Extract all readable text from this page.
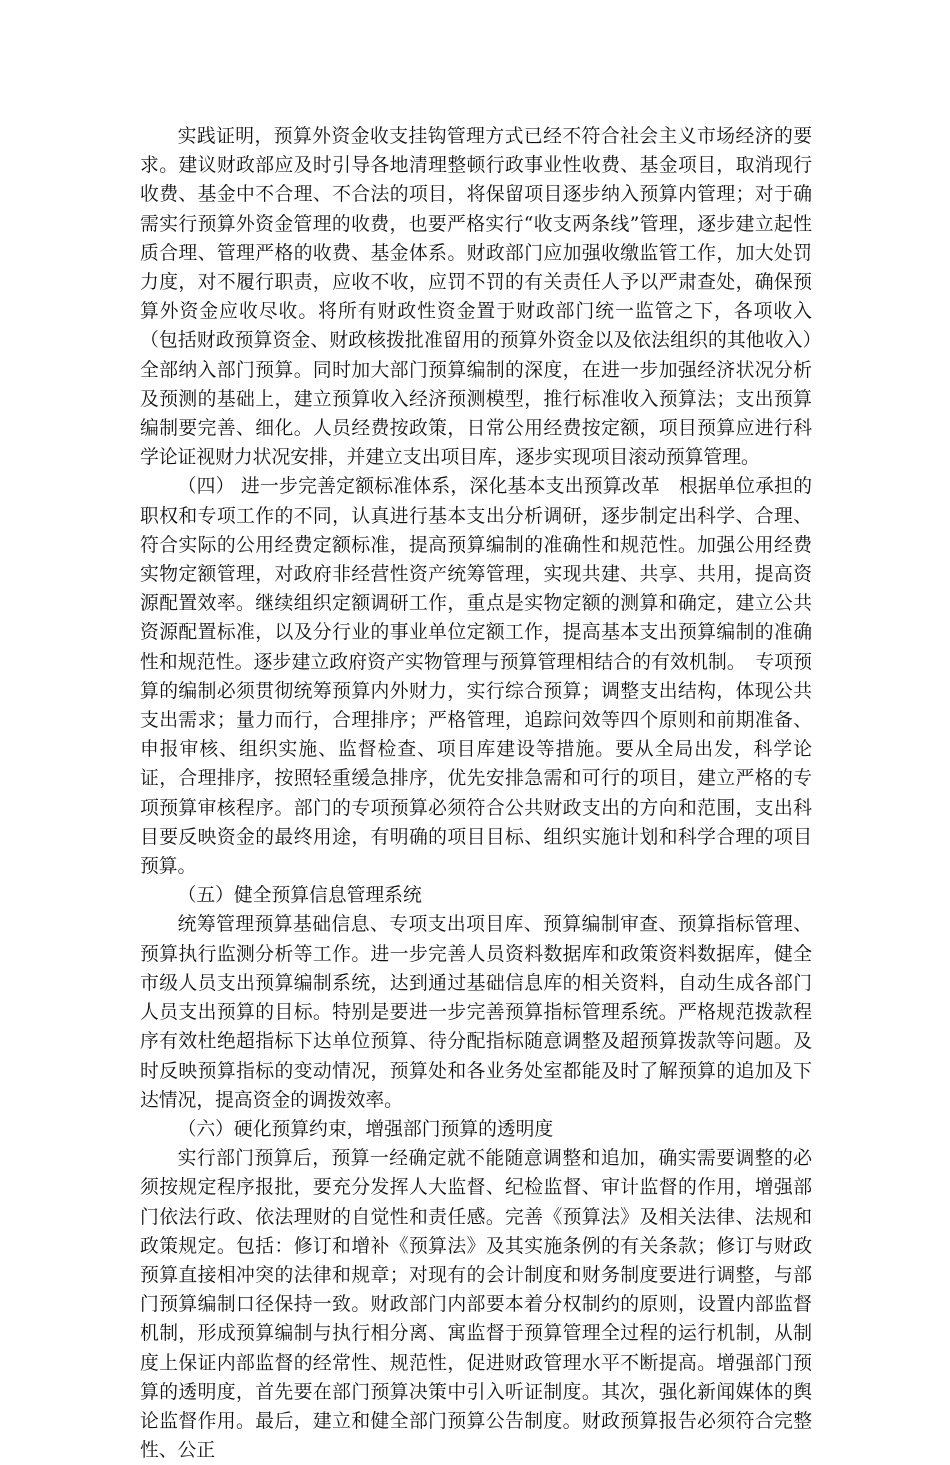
实践证明，预算外资金收支挂钩管理方式已经不符合社会主义市场经济的要求。建议财政部应及时引导各地清理整顿行政事业性收费、基金项目，取消现行收费、基金中不合理、不合法的项目，将保留项目逐步纳入预算内管理；对于确需实行预算外资金管理的收费，也要严格实行“收支两条线”管理，逐步建立起性质合理、管理严格的收费、基金体系。财政部门应加强收缴监管工作，加大处罚力度，对不履行职责，应收不收，应罚不罚的有关责任人予以严肃查处，确保预算外资金应收尽收。将所有财政性资金置于财政部门统一监管之下，各项收入（包括财政预算资金、财政核拨批准留用的预算外资金以及依法组织的其他收入）全部纳入部门预算。同时加大部门预算编制的深度，在进一步加强经济状况分析及预测的基础上，建立预算收入经济预测模型，推行标准收入预算法；支出预算编制要完善、细化。人员经费按政策，日常公用经费按定额，项目预算应进行科学论证视财力状况安排，并建立支出项目库，逐步实现项目滚动预算管理。

（四） 进一步完善定额标准体系，深化基本支出预算改革　根据单位承担的职权和专项工作的不同，认真进行基本支出分析调研，逐步制定出科学、合理、符合实际的公用经费定额标准，提高预算编制的准确性和规范性。加强公用经费实物定额管理，对政府非经营性资产统筹管理，实现共建、共享、共用，提高资源配置效率。继续组织定额调研工作，重点是实物定额的测算和确定，建立公共资源配置标准，以及分行业的事业单位定额工作，提高基本支出预算编制的准确性和规范性。逐步建立政府资产实物管理与预算管理相结合的有效机制。　专项预算的编制必须贯彻统筹预算内外财力，实行综合预算；调整支出结构，体现公共支出需求；量力而行，合理排序；严格管理，追踪问效等四个原则和前期准备、申报审核、组织实施、监督检查、项目库建设等措施。要从全局出发，科学论证，合理排序，按照轻重缓急排序，优先安排急需和可行的项目，建立严格的专项预算审核程序。部门的专项预算必须符合公共财政支出的方向和范围，支出科目要反映资金的最终用途，有明确的项目目标、组织实施计划和科学合理的项目预算。

（五）健全预算信息管理系统

统筹管理预算基础信息、专项支出项目库、预算编制审查、预算指标管理、预算执行监测分析等工作。进一步完善人员资料数据库和政策资料数据库，健全市级人员支出预算编制系统，达到通过基础信息库的相关资料，自动生成各部门人员支出预算的目标。特别是要进一步完善预算指标管理系统。严格规范拨款程序有效杜绝超指标下达单位预算、待分配指标随意调整及超预算拨款等问题。及时反映预算指标的变动情况，预算处和各业务处室都能及时了解预算的追加及下达情况，提高资金的调拨效率。

（六）硬化预算约束，增强部门预算的透明度

实行部门预算后，预算一经确定就不能随意调整和追加，确实需要调整的必须按规定程序报批，要充分发挥人大监督、纪检监督、审计监督的作用，增强部门依法行政、依法理财的自觉性和责任感。完善《预算法》及相关法律、法规和政策规定。包括：修订和增补《预算法》及其实施条例的有关条款；修订与财政预算直接相冲突的法律和规章；对现有的会计制度和财务制度要进行调整，与部门预算编制口径保持一致。财政部门内部要本着分权制约的原则，设置内部监督机制，形成预算编制与执行相分离、寓监督于预算管理全过程的运行机制，从制度上保证内部监督的经常性、规范性，促进财政管理水平不断提高。增强部门预算的透明度，首先要在部门预算决策中引入听证制度。其次，强化新闻媒体的舆论监督作用。最后，建立和健全部门预算公告制度。财政预算报告必须符合完整性、公正
